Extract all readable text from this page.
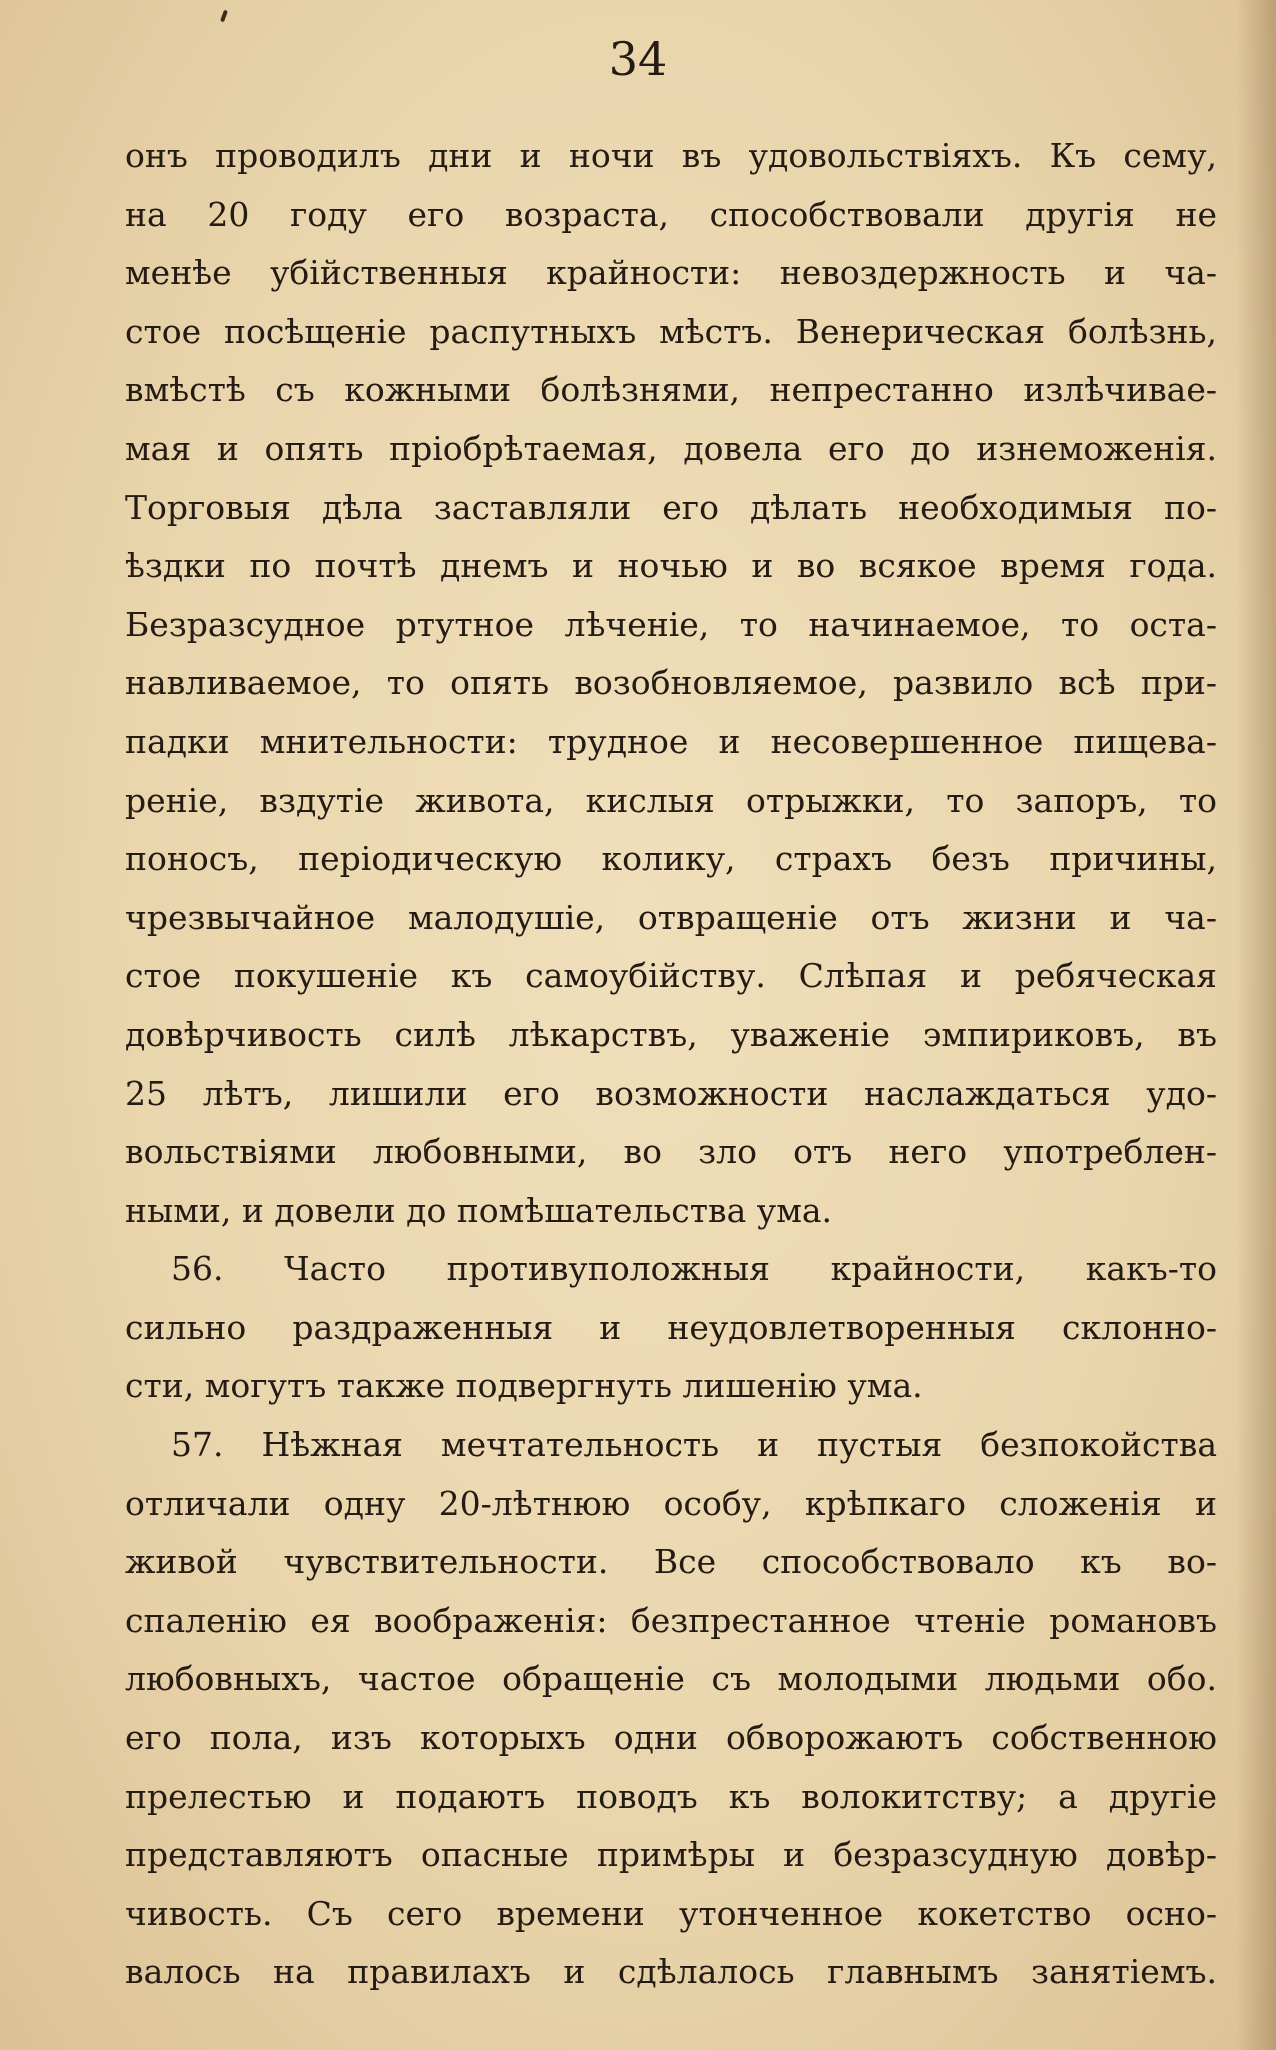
34
онъ проводилъ дни и ночи въ удовольствіяхъ. Къ сему,
на 20 году его возраста, способствовали другія не
менѣе убійственныя крайности: невоздержность и ча-
стое посѣщеніе распутныхъ мѣстъ. Венерическая болѣзнь,
вмѣстѣ съ кожными болѣзнями, непрестанно излѣчивае-
мая и опять пріобрѣтаемая, довела его до изнеможенія.
Торговыя дѣла заставляли его дѣлать необходимыя по-
ѣздки по почтѣ днемъ и ночью и во всякое время года.
Безразсудное ртутное лѣченіе, то начинаемое, то оста-
навливаемое, то опять возобновляемое, развило всѣ при-
падки мнительности: трудное и несовершенное пищева-
реніе, вздутіе живота, кислыя отрыжки, то запоръ, то
поносъ, періодическую колику, страхъ безъ причины,
чрезвычайное малодушіе, отвращеніе отъ жизни и ча-
стое покушеніе къ самоубійству. Слѣпая и ребяческая
довѣрчивость силѣ лѣкарствъ, уваженіе эмпириковъ, въ
25 лѣтъ, лишили его возможности наслаждаться удо-
вольствіями любовными, во зло отъ него употреблен-
ными, и довели до помѣшательства ума.
56. Часто противуположныя крайности, какъ-то
сильно раздраженныя и неудовлетворенныя склонно-
сти, могутъ также подвергнуть лишенію ума.
57. Нѣжная мечтательность и пустыя безпокойства
отличали одну 20-лѣтнюю особу, крѣпкаго сложенія и
живой чувствительности. Все способствовало къ во-
спаленію ея воображенія: безпрестанное чтеніе романовъ
любовныхъ, частое обращеніе съ молодыми людьми обо.
его пола, изъ которыхъ одни обворожаютъ собственною
прелестью и подаютъ поводъ къ волокитству; а другіе
представляютъ опасные примѣры и безразсудную довѣр-
чивость. Съ сего времени утонченное кокетство осно-
валось на правилахъ и сдѣлалось главнымъ занятіемъ.
